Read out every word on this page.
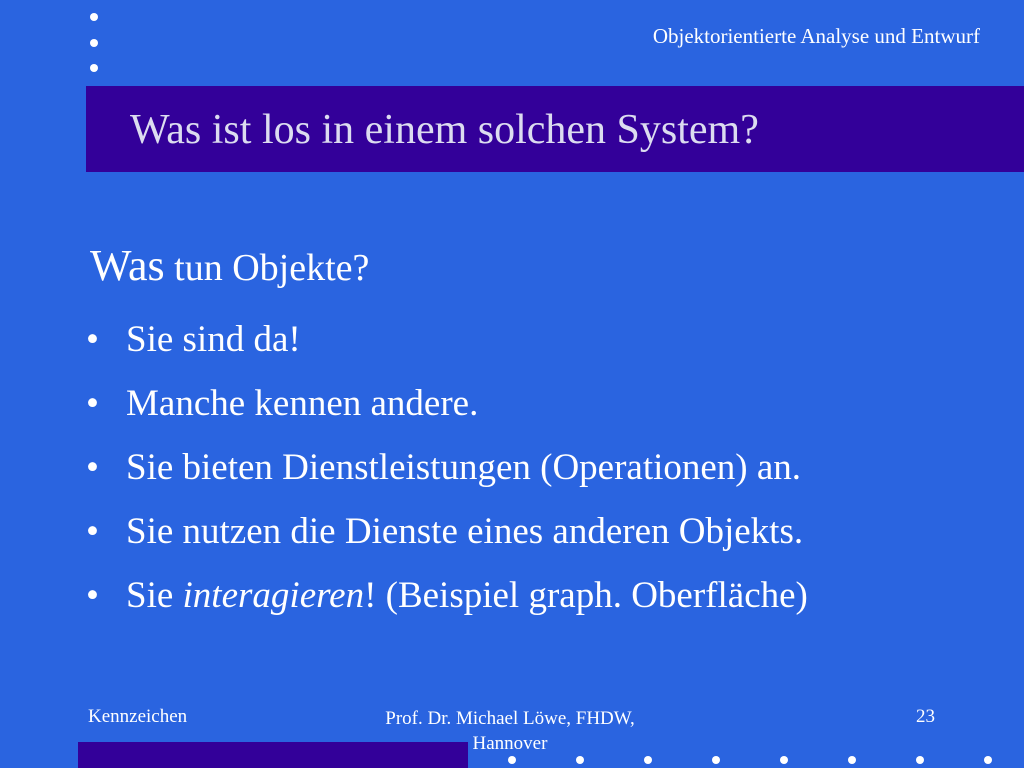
Objektorientierte Analyse und Entwurf
Was ist los in einem solchen System?
Was tun Objekte?
• Sie sind da!
• Manche kennen andere.
• Sie bieten Dienstleistungen (Operationen) an.
• Sie nutzen die Dienste eines anderen Objekts.
• Sie interagieren! (Beispiel graph. Oberfläche)
Kennzeichen	Prof. Dr. Michael Löwe, FHDW,
Hannover
23
